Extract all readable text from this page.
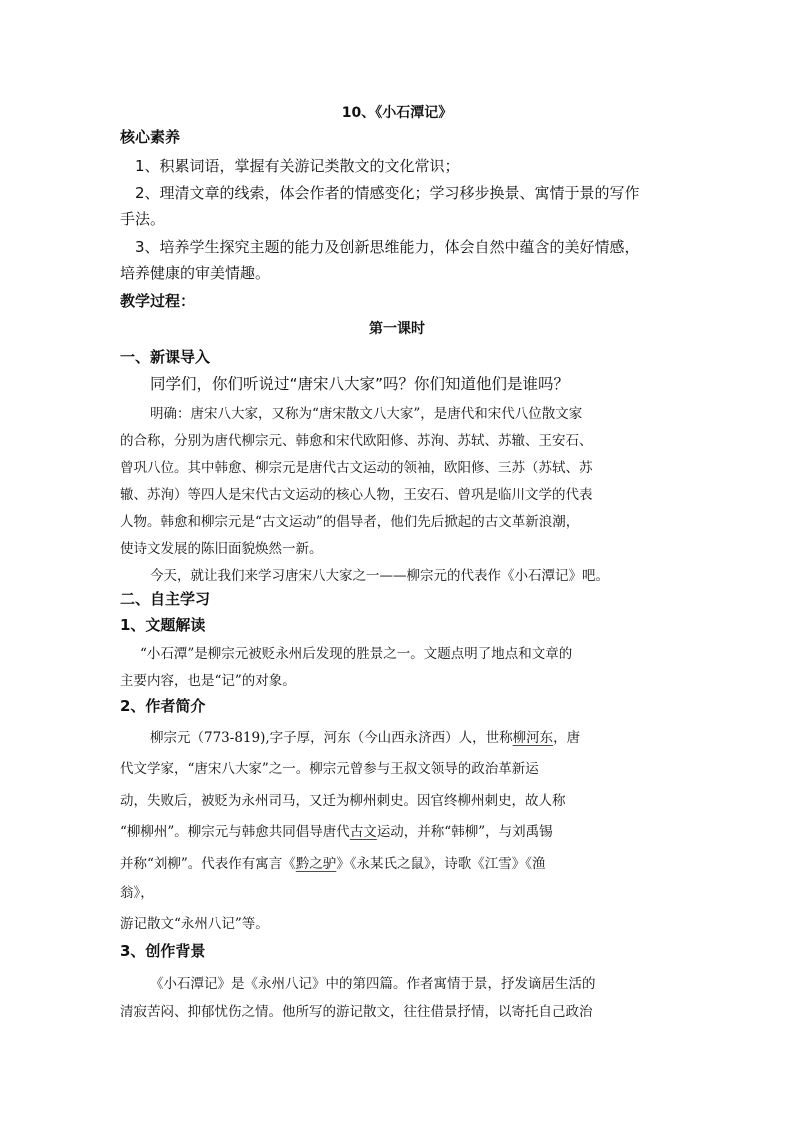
10、《小石潭记》
核心素养
1、积累词语，掌握有关游记类散文的文化常识；
2、理清文章的线索，体会作者的情感变化；学习移步换景、寓情于景的写作
手法。
3、培养学生探究主题的能力及创新思维能力，体会自然中蕴含的美好情感，
培养健康的审美情趣。
教学过程：
第一课时
一、新课导入
同学们，你们听说过“唐宋八大家”吗？你们知道他们是谁吗？
明确：唐宋八大家，又称为“唐宋散文八大家”，是唐代和宋代八位散文家
的合称，分别为唐代柳宗元、韩愈和宋代欧阳修、苏洵、苏轼、苏辙、王安石、
曾巩八位。其中韩愈、柳宗元是唐代古文运动的领袖，欧阳修、三苏（苏轼、苏
辙、苏洵）等四人是宋代古文运动的核心人物，王安石、曾巩是临川文学的代表
人物。韩愈和柳宗元是“古文运动”的倡导者，他们先后掀起的古文革新浪潮，
使诗文发展的陈旧面貌焕然一新。
今天，就让我们来学习唐宋八大家之一——柳宗元的代表作《小石潭记》吧。
二、自主学习
1、文题解读
“小石潭”是柳宗元被贬永州后发现的胜景之一。文题点明了地点和文章的
主要内容，也是“记”的对象。
2、作者简介
柳宗元（773-819),字子厚，河东（今山西永济西）人，世称柳河东，唐
代文学家，“唐宋八大家”之一。柳宗元曾参与王叔文领导的政治革新运
动，失败后，被贬为永州司马，又迁为柳州刺史。因官终柳州刺史，故人称
“柳柳州”。柳宗元与韩愈共同倡导唐代古文运动，并称“韩柳”，与刘禹锡
并称“刘柳”。代表作有寓言《黔之驴》《永某氏之鼠》，诗歌《江雪》《渔
翁》，
游记散文“永州八记”等。
3、创作背景
《小石潭记》是《永州八记》中的第四篇。作者寓情于景，抒发谪居生活的
清寂苦闷、抑郁忧伤之情。他所写的游记散文，往往借景抒情，以寄托自己政治
